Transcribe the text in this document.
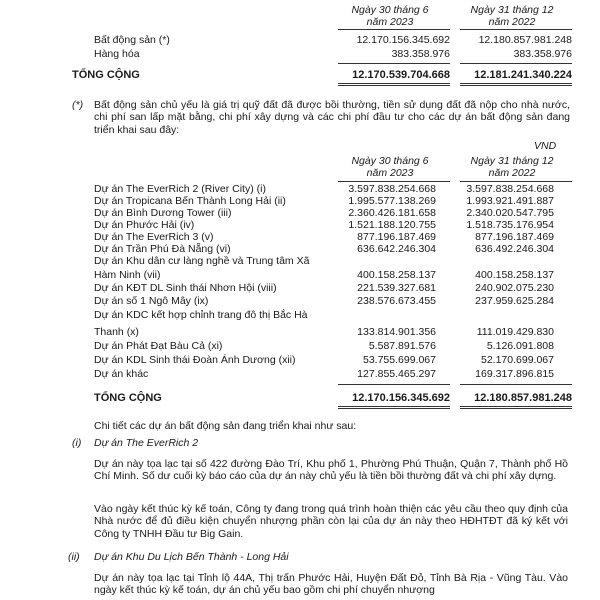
Ngày 30 tháng 6
năm 2023
Ngày 31 tháng 12
năm 2022
Bất động sản (*)	12.170.156.345.692	12.180.857.981.248
Hàng hóa	383.358.976	383.358.976
TỔNG CỘNG	12.170.539.704.668 12.181.241.340.224
(*) Bất động sản chủ yếu là giá trị quỹ đất đã được bồi thường, tiền sử dụng đất đã nộp cho nhà nước, chi phí san lấp mặt bằng, chi phí xây dựng và các chi phí đầu tư cho các dự án bất động sản đang triển khai sau đây:
VND
Ngày 30 tháng 6
năm 2023
Ngày 31 tháng 12
năm 2022
Dự án The EverRich 2 (River City) (i)	3.597.838.254.668	3.597.838.254.668
Dự án Tropicana Bến Thành Long Hải (ii)	1.995.577.138.269	1.993.921.491.887
Dự án Bình Dương Tower (iii)	2.360.426.181.658	2.340.020.547.795
Dự án Phước Hải (iv)	1.521.188.120.755	1.518.735.176.954
Dự án The EverRich 3 (v)	877.196.187.469	877.196.187.469
Dự án Trần Phú Đà Nẵng (vi)	636.642.246.304	636.492.246.304
Dự án Khu dân cư làng nghề và Trung tâm Xã
Hàm Ninh (vii)	400.158.258.137	400.158.258.137
Dự án KĐT DL Sinh thái Nhơn Hội (viii)	221.539.327.681	240.902.075.230
Dự án số 1 Ngô Mây (ix)	238.576.673.455	237.959.625.284
Dự án KDC kết hợp chỉnh trang đô thị Bắc Hà
Thanh (x)	133.814.901.356	111.019.429.830
Dự án Phát Đạt Bàu Cả (xi)	5.587.891.576	5.126.091.808
Dự án KDL Sinh thái Đoàn Ánh Dương (xii)	53.755.699.067	52.170.699.067
Dự án khác	127.855.465.297	169.317.896.815
TỔNG CỘNG	12.170.156.345.692 12.180.857.981.248
Chi tiết các dự án bất động sản đang triển khai như sau:
(i) Dự án The EverRich 2
Dự án này tọa lạc tại số 422 đường Đào Trí, Khu phố 1, Phường Phú Thuận, Quận 7, Thành phố Hồ Chí Minh. Số dư cuối kỳ báo cáo của dự án này chủ yếu là tiền bồi thường đất và chi phí xây dựng.
Vào ngày kết thúc kỳ kế toán, Công ty đang trong quá trình hoàn thiện các yêu cầu theo quy định của Nhà nước để đủ điều kiện chuyển nhượng phần còn lại của dự án này theo HĐHTĐT đã ký kết với Công ty TNHH Đầu tư Big Gain.
(ii) Dự án Khu Du Lịch Bến Thành - Long Hải
Dự án này tọa lạc tại Tỉnh lộ 44A, Thị trấn Phước Hải, Huyện Đất Đỏ, Tỉnh Bà Rịa - Vũng Tàu. Vào ngày kết thúc kỳ kế toán, dự án chủ yếu bao gồm chi phí chuyển nhượng
